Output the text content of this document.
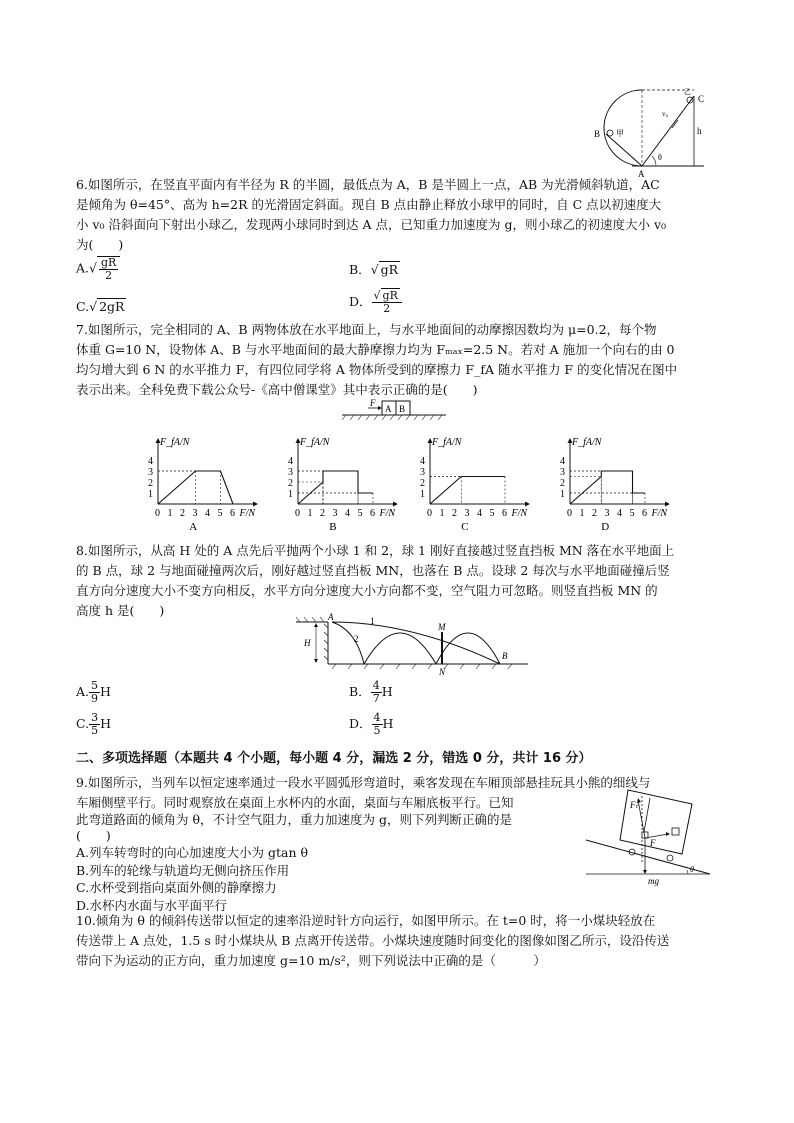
B 甲
A
C
v₀
h
θ
乙
6.如图所示，在竖直平面内有半径为 R 的半圆，最低点为 A，B 是半圆上一点，AB 为光滑倾斜轨道，AC
是倾角为 θ=45°、高为 h=2R 的光滑固定斜面。现自 B 点由静止释放小球甲的同时，自 C 点以初速度大
小 v₀ 沿斜面向下射出小球乙，发现两小球同时到达 A 点，已知重力加速度为 g，则小球乙的初速度大小 v₀
为(　　)
$A.√ \frac{gR}{2}$	B．√ gR
C.√ 2gR	D． $\frac{√ gR}{2}$
7.如图所示，完全相同的 A、B 两物体放在水平地面上，与水平地面间的动摩擦因数均为 μ=0.2，每个物
体重 G=10 N，设物体 A、B 与水平地面间的最大静摩擦力均为 Fₘₐₓ=2.5 N。若对 A 施加一个向右的由 0
均匀增大到 6 N 的水平推力 F，有四位同学将 A 物体所受到的摩擦力 F_fA 随水平推力 F 的变化情况在图中
表示出来。全科免费下载公众号-《高中僧课堂》其中表示正确的是(　　)
F
A B
F_fA/N
F/N
0 1 2 3 4 5 6
1
2
3
4
A
F_fA/N
F/N
0 1 2 3 4 5 6
1
2
3
4
B
F_fA/N
F/N
0 1 2 3 4 5 6
1
2
3
4
C
F_fA/N
F/N
0 1 2 3 4 5 6
1
2
3
4
D
8.如图所示，从高 H 处的 A 点先后平抛两个小球 1 和 2，球 1 刚好直接越过竖直挡板 MN 落在水平地面上
的 B 点，球 2 与地面碰撞两次后，刚好越过竖直挡板 MN，也落在 B 点。设球 2 每次与水平地面碰撞后竖
直方向分速度大小不变方向相反，水平方向分速度大小方向都不变，空气阻力可忽略。则竖直挡板 MN 的
高度 h 是(　　)	A	1
2
H
M
N
B
A. $\frac{5}{9}$ H	B． $\frac{4}{7}$ H
C. $\frac{3}{5}$ H	D． $\frac{4}{5}$ H
二、多项选择题（本题共 4 个小题，每小题 4 分，漏选 2 分，错选 0 分，共计 16 分）
9.如图所示，当列车以恒定速率通过一段水平圆弧形弯道时，乘客发现在车厢顶部悬挂玩具小熊的细线与
车厢侧壁平行。同时观察放在桌面上水杯内的水面，桌面与车厢底板平行。已知
此弯道路面的倾角为 θ，不计空气阻力，重力加速度为 g，则下列判断正确的是
(　　)
A.列车转弯时的向心加速度大小为 gtan θ
B.列车的轮缘与轨道均无侧向挤压作用
C.水杯受到指向桌面外侧的静摩擦力
D.水杯内水面与水平面平行
Fₜ
F
mg
θ
10.倾角为 θ 的倾斜传送带以恒定的速率沿逆时针方向运行，如图甲所示。在 t=0 时，将一小煤块轻放在
传送带上 A 点处，1.5 s 时小煤块从 B 点离开传送带。小煤块速度随时间变化的图像如图乙所示，设沿传送
带向下为运动的正方向，重力加速度 g=10 m/s²，则下列说法中正确的是（　　　）
